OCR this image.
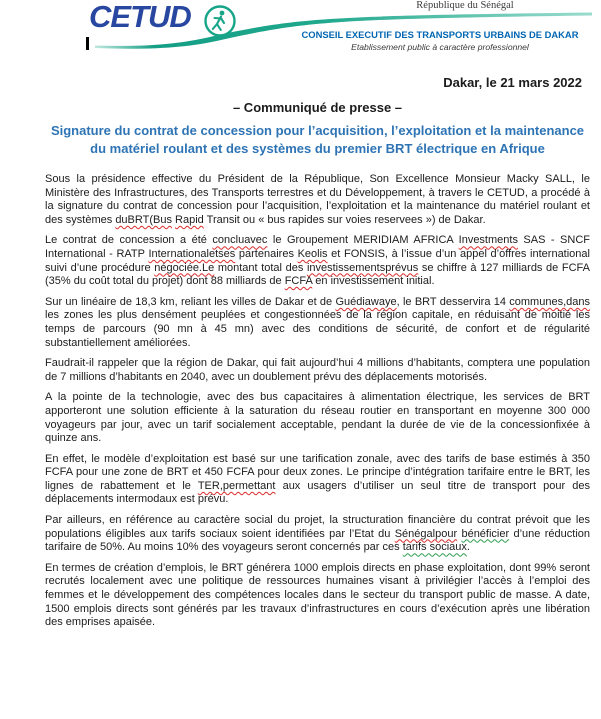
République du Sénégal
CETUD
CONSEIL EXECUTIF DES TRANSPORTS URBAINS DE DAKAR
Etablissement public à caractère professionnel
Dakar, le 21 mars 2022
– Communiqué de presse –
Signature du contrat de concession pour l’acquisition, l’exploitation et la maintenance du matériel roulant et des systèmes du premier BRT électrique en Afrique

Sous la présidence effective du Président de la République, Son Excellence Monsieur Macky SALL, le Ministère des Infrastructures, des Transports terrestres et du Développement, à travers le CETUD, a procédé à la signature du contrat de concession pour l’acquisition, l’exploitation et la maintenance du matériel roulant et des systèmes duBRT(Bus Rapid Transit ou « bus rapides sur voies reservees ») de Dakar.

Le contrat de concession a été concluavec le Groupement MERIDIAM AFRICA Investments SAS - SNCF International - RATP Internationaletses partenaires Keolis et FONSIS, à l’issue d’un appel d’offres international suivi d’une procédure négociée.Le montant total des investissementsprévus se chiffre à 127 milliards de FCFA (35% du coût total du projet) dont 88 milliards de FCFA en investissement initial.

Sur un linéaire de 18,3 km, reliant les villes de Dakar et de Guédiawaye, le BRT desservira 14 communes,dans les zones les plus densément peuplées et congestionnées de la région capitale, en réduisant de moitié les temps de parcours (90 mn à 45 mn) avec des conditions de sécurité, de confort et de régularité substantiellement améliorées.

Faudrait-il rappeler que la région de Dakar, qui fait aujourd’hui 4 millions d’habitants, comptera une population de 7 millions d’habitants en 2040, avec un doublement prévu des déplacements motorisés.

A la pointe de la technologie, avec des bus capacitaires à alimentation électrique, les services de BRT apporteront une solution efficiente à la saturation du réseau routier en transportant en moyenne 300 000 voyageurs par jour, avec un tarif socialement acceptable, pendant la durée de vie de la concessionfixée à quinze ans.

En effet, le modèle d’exploitation est basé sur une tarification zonale, avec des tarifs de base estimés à 350 FCFA pour une zone de BRT et 450 FCFA pour deux zones. Le principe d’intégration tarifaire entre le BRT, les lignes de rabattement et le TER,permettant aux usagers d’utiliser un seul titre de transport pour des déplacements intermodaux est prévu.

Par ailleurs, en référence au caractère social du projet, la structuration financière du contrat prévoit que les populations éligibles aux tarifs sociaux soient identifiées par l’Etat du Sénégalpour bénéficier d’une réduction tarifaire de 50%. Au moins 10% des voyageurs seront concernés par ces tarifs sociaux.

En termes de création d’emplois, le BRT générera 1000 emplois directs en phase exploitation, dont 99% seront recrutés localement avec une politique de ressources humaines visant à privilégier l’accès à l’emploi des femmes et le développement des compétences locales dans le secteur du transport public de masse. A date, 1500 emplois directs sont générés par les travaux d’infrastructures en cours d’exécution après une libération des emprises apaisée.
